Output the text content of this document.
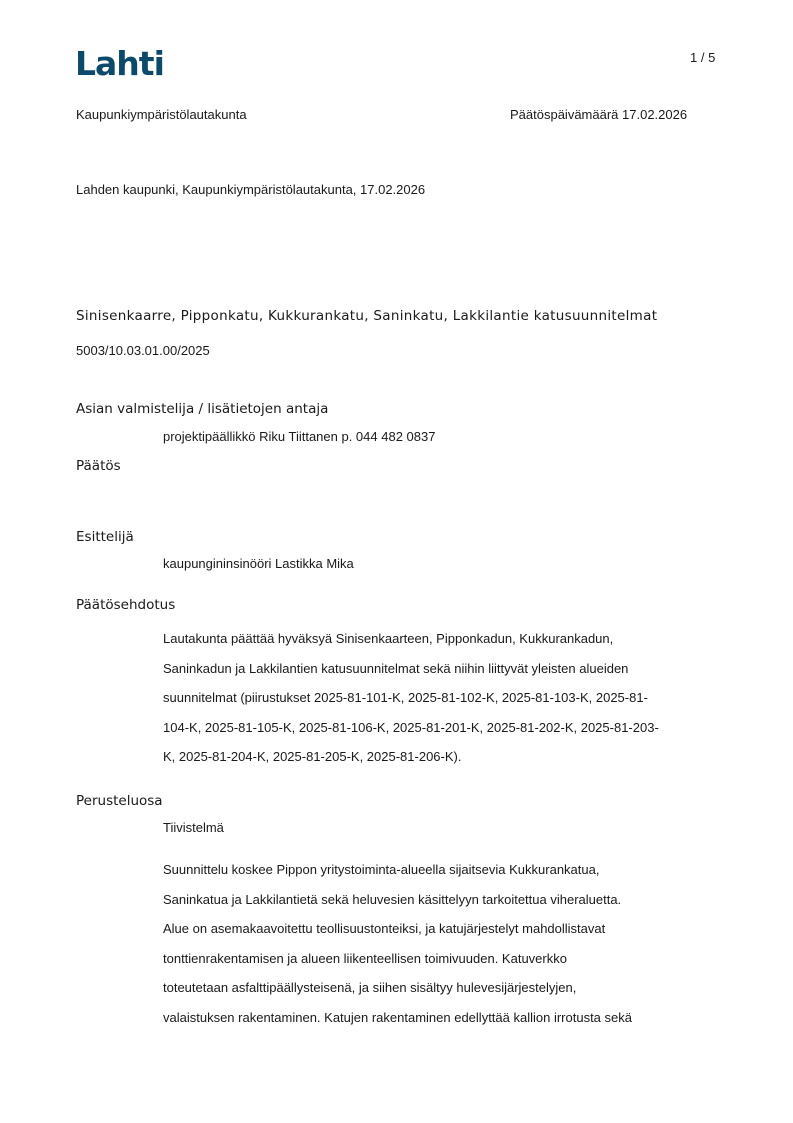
Lahti	1 / 5
Kaupunkiympäristölautakunta	Päätöspäivämäärä 17.02.2026
Lahden kaupunki, Kaupunkiympäristölautakunta, 17.02.2026
Sinisenkaarre, Pipponkatu, Kukkurankatu, Saninkatu, Lakkilantie katusuunnitelmat
5003/10.03.01.00/2025
Asian valmistelija / lisätietojen antaja
projektipäällikkö Riku Tiittanen p. 044 482 0837
Päätös
Esittelijä
kaupungininsinööri Lastikka Mika
Päätösehdotus
Lautakunta päättää hyväksyä Sinisenkaarteen, Pipponkadun, Kukkurankadun,
Saninkadun ja Lakkilantien katusuunnitelmat sekä niihin liittyvät yleisten alueiden
suunnitelmat (piirustukset 2025-81-101-K, 2025-81-102-K, 2025-81-103-K, 2025-81-
104-K, 2025-81-105-K, 2025-81-106-K, 2025-81-201-K, 2025-81-202-K, 2025-81-203-
K, 2025-81-204-K, 2025-81-205-K, 2025-81-206-K).
Perusteluosa
Tiivistelmä
Suunnittelu koskee Pippon yritystoiminta-alueella sijaitsevia Kukkurankatua,
Saninkatua ja Lakkilantietä sekä heluvesien käsittelyyn tarkoitettua viheraluetta.
Alue on asemakaavoitettu teollisuustonteiksi, ja katujärjestelyt mahdollistavat
tonttienrakentamisen ja alueen liikenteellisen toimivuuden. Katuverkko
toteutetaan asfalttipäällysteisenä, ja siihen sisältyy hulevesijärjestelyjen,
valaistuksen rakentaminen. Katujen rakentaminen edellyttää kallion irrotusta sekä
